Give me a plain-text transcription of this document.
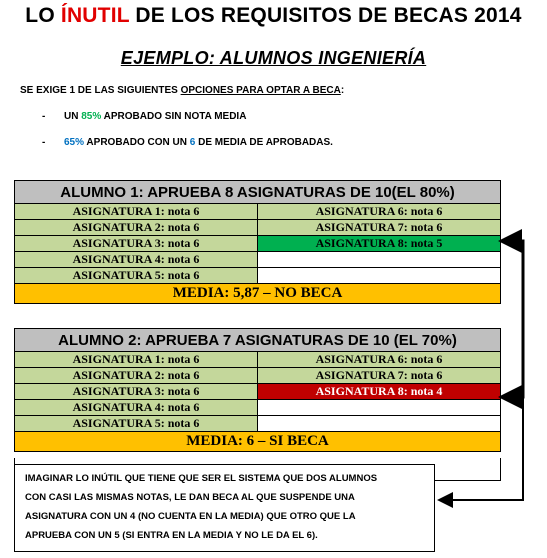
LO ÍNUTIL DE LOS REQUISITOS DE BECAS 2014
EJEMPLO: ALUMNOS INGENIERÍA
SE EXIGE 1 DE LAS SIGUIENTES OPCIONES PARA OPTAR A BECA:
- UN 85% APROBADO SIN NOTA MEDIA
- 65% APROBADO CON UN 6 DE MEDIA DE APROBADAS.
ALUMNO 1: APRUEBA 8 ASIGNATURAS DE 10(EL 80%)
ASIGNATURA 1: nota 6	ASIGNATURA 6: nota 6
ASIGNATURA 2: nota 6	ASIGNATURA 7: nota 6
ASIGNATURA 3: nota 6	ASIGNATURA 8: nota 5
ASIGNATURA 4: nota 6
ASIGNATURA 5: nota 6
MEDIA: 5,87 – NO BECA
ALUMNO 2: APRUEBA 7 ASIGNATURAS DE 10 (EL 70%)
ASIGNATURA 1: nota 6	ASIGNATURA 6: nota 6
ASIGNATURA 2: nota 6	ASIGNATURA 7: nota 6
ASIGNATURA 3: nota 6	ASIGNATURA 8: nota 4
ASIGNATURA 4: nota 6
ASIGNATURA 5: nota 6
MEDIA: 6 – SI BECA
IMAGINAR LO INÚTIL QUE TIENE QUE SER EL SISTEMA QUE DOS ALUMNOS
CON CASI LAS MISMAS NOTAS, LE DAN BECA AL QUE SUSPENDE UNA
ASIGNATURA CON UN 4 (NO CUENTA EN LA MEDIA) QUE OTRO QUE LA
APRUEBA CON UN 5 (SI ENTRA EN LA MEDIA Y NO LE DA EL 6).
